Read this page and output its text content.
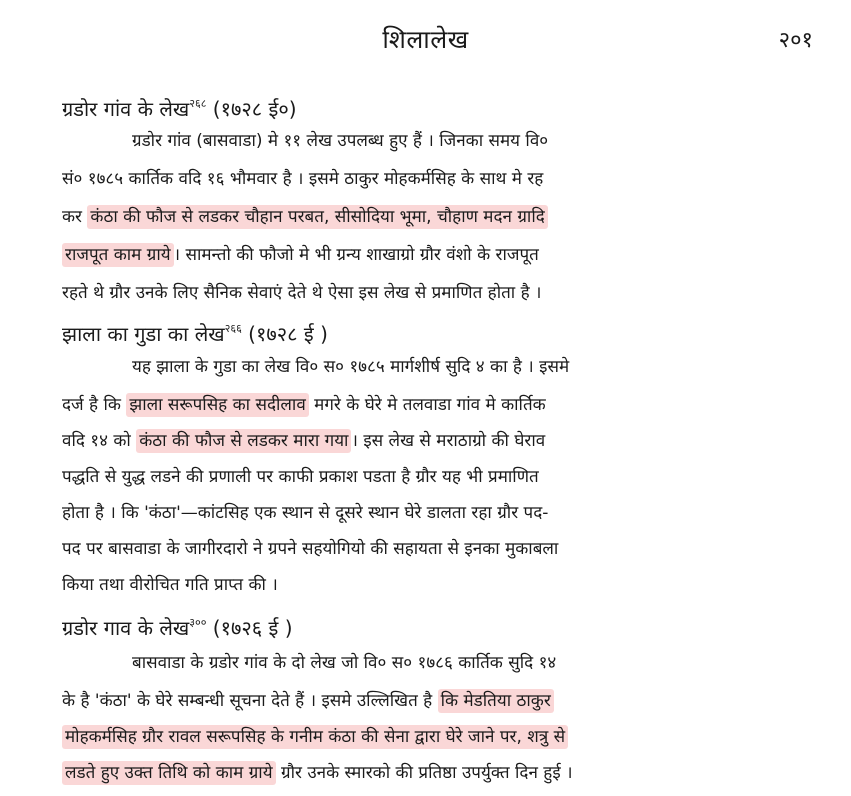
शिलालेख	२०१
ग्रडोर गांव के लेख$^{२६८}$ (१७२८ ई०)
ग्रडोर गांव (बासवाडा) मे ११ लेख उपलब्ध हुए हैं । जिनका समय वि०
सं० १७८५ कार्तिक वदि १६ भौमवार है । इसमे ठाकुर मोहकर्मसिह के साथ मे रह
कर कंठा की फौज से लडकर चौहान परबत, सीसोदिया भूमा, चौहाण मदन ग्रादि
राजपूत काम ग्राये । सामन्तो की फौजो मे भी ग्रन्य शाखाग्रो ग्रौर वंशो के राजपूत
रहते थे ग्रौर उनके लिए सैनिक सेवाएं देते थे ऐसा इस लेख से प्रमाणित होता है ।
झाला का गुडा का लेख$^{२६६}$ (१७२८ ई )
यह झाला के गुडा का लेख वि० स० १७८५ मार्गशीर्ष सुदि ४ का है । इसमे
दर्ज है कि झाला सरूपसिह का सदीलाव मगरे के घेरे मे तलवाडा गांव मे कार्तिक
वदि १४ को कंठा की फौज से लडकर मारा गया । इस लेख से मराठाग्रो की घेराव
पद्धति से युद्ध लडने की प्रणाली पर काफी प्रकाश पडता है ग्रौर यह भी प्रमाणित
होता है । कि 'कंठा'—कांटसिह एक स्थान से दूसरे स्थान घेरे डालता रहा ग्रौर पद-
पद पर बासवाडा के जागीरदारो ने ग्रपने सहयोगियो की सहायता से इनका मुकाबला
किया तथा वीरोचित गति प्राप्त की ।
ग्रडोर गाव के लेख$^{३००}$ (१७२६ ई )
बासवाडा के ग्रडोर गांव के दो लेख जो वि० स० १७८६ कार्तिक सुदि १४
के है 'कंठा' के घेरे सम्बन्धी सूचना देते हैं । इसमे उल्लिखित है कि मेडतिया ठाकुर
मोहकर्मसिह ग्रौर रावल सरूपसिह के गनीम कंठा की सेना द्वारा घेरे जाने पर, शत्रु से
लडते हुए उक्त तिथि को काम ग्राये ग्रौर उनके स्मारको की प्रतिष्ठा उपर्युक्त दिन हुई ।
